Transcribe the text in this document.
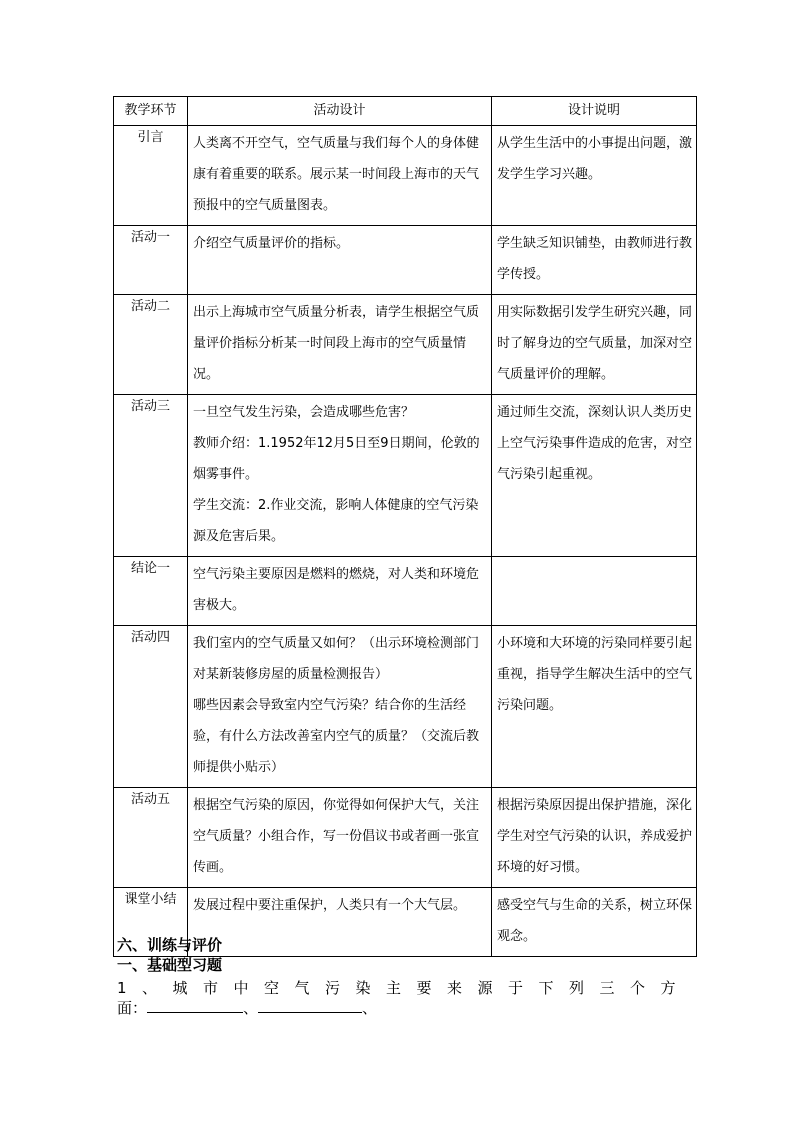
教学环节	活动设计	设计说明
引言	人类离不开空气，空气质量与我们每个人的身体健康有着重要的联系。展示某一时间段上海市的天气预报中的空气质量图表。	从学生生活中的小事提出问题，激发学生学习兴趣。

活动一	介绍空气质量评价的指标。	学生缺乏知识铺垫，由教师进行教学传授。

活动二	出示上海城市空气质量分析表，请学生根据空气质量评价指标分析某一时间段上海市的空气质量情况。	用实际数据引发学生研究兴趣，同时了解身边的空气质量，加深对空气质量评价的理解。

活动三	一旦空气发生污染，会造成哪些危害？
教师介绍：1.1952年12月5日至9日期间，伦敦的烟雾事件。
学生交流：2.作业交流，影响人体健康的空气污染源及危害后果。	通过师生交流，深刻认识人类历史上空气污染事件造成的危害，对空气污染引起重视。

结论一	空气污染主要原因是燃料的燃烧，对人类和环境危害极大。	

活动四	我们室内的空气质量又如何？（出示环境检测部门对某新装修房屋的质量检测报告）
哪些因素会导致室内空气污染？结合你的生活经验，有什么方法改善室内空气的质量？（交流后教师提供小贴示）	小环境和大环境的污染同样要引起重视，指导学生解决生活中的空气污染问题。

活动五	根据空气污染的原因，你觉得如何保护大气，关注空气质量？小组合作，写一份倡议书或者画一张宣传画。	根据污染原因提出保护措施，深化学生对空气污染的认识，养成爱护环境的好习惯。

课堂小结	发展过程中要注重保护，人类只有一个大气层。	感受空气与生命的关系，树立环保观念。
六、训练与评价
一、基础型习题
1、城市中空气污染主要来源于下列三个方
面：	、	、
